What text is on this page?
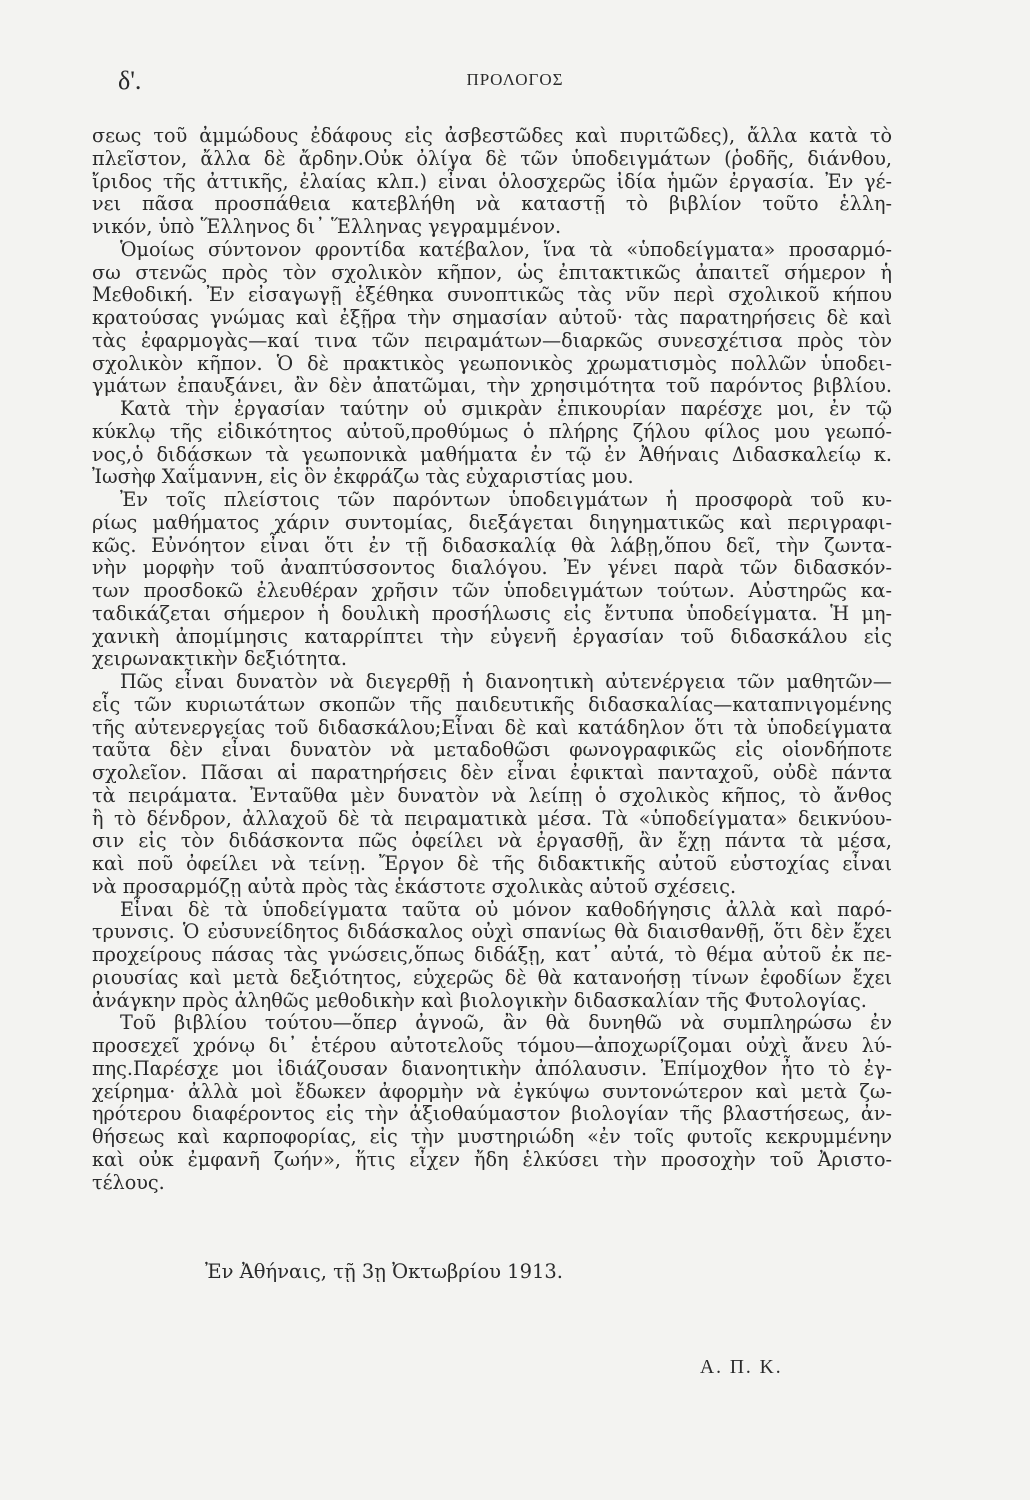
δ'.	ΠΡΟΛΟΓΟΣ
σεως τοῦ ἀμμώδους ἐδάφους εἰς ἀσβεστῶδες καὶ πυριτῶδες), ἄλλα κατὰ τὸ
πλεῖστον, ἄλλα δὲ ἄρδην.Οὐκ ὀλίγα δὲ τῶν ὑποδειγμάτων (ῥοδῆς, διάνθου,
ἴριδος τῆς ἀττικῆς, ἐλαίας κλπ.) εἶναι ὁλοσχερῶς ἰδία ἡμῶν ἐργασία. Ἐν γέ-
νει πᾶσα προσπάθεια κατεβλήθη νὰ καταστῇ τὸ βιβλίον τοῦτο ἑλλη-
νικόν, ὑπὸ Ἕλληνος δι᾽ Ἕλληνας γεγραμμένον.
Ὁμοίως σύντονον φροντίδα κατέβαλον, ἵνα τὰ «ὑποδείγματα» προσαρμό-
σω στενῶς πρὸς τὸν σχολικὸν κῆπον, ὡς ἐπιτακτικῶς ἀπαιτεῖ σήμερον ἡ
Μεθοδική. Ἐν εἰσαγωγῇ ἐξέθηκα συνοπτικῶς τὰς νῦν περὶ σχολικοῦ κήπου
κρατούσας γνώμας καὶ ἐξῇρα τὴν σημασίαν αὐτοῦ· τὰς παρατηρήσεις δὲ καὶ
τὰς ἐφαρμογὰς—καί τινα τῶν πειραμάτων—διαρκῶς συνεσχέτισα πρὸς τὸν
σχολικὸν κῆπον. Ὁ δὲ πρακτικὸς γεωπονικὸς χρωματισμὸς πολλῶν ὑποδει-
γμάτων ἐπαυξάνει, ἂν δὲν ἀπατῶμαι, τὴν χρησιμότητα τοῦ παρόντος βιβλίου.
Κατὰ τὴν ἐργασίαν ταύτην οὐ σμικρὰν ἐπικουρίαν παρέσχε μοι, ἐν τῷ
κύκλῳ τῆς εἰδικότητος αὐτοῦ,προθύμως ὁ πλήρης ζήλου φίλος μου γεωπό-
νος,ὁ διδάσκων τὰ γεωπονικὰ μαθήματα ἐν τῷ ἐν Ἀθήναις Διδασκαλείῳ κ.
Ἰωσὴφ Χαΐμαννн, εἰς ὃν ἐκφράζω τὰς εὐχαριστίας μου.
Ἐν τοῖς πλείστοις τῶν παρόντων ὑποδειγμάτων ἡ προσφορὰ τοῦ κυ-
ρίως μαθήματος χάριν συντομίας, διεξάγεται διηγηματικῶς καὶ περιγραφι-
κῶς. Εὐνόητον εἶναι ὅτι ἐν τῇ διδασκαλίᾳ θὰ λάβῃ,ὅπου δεῖ, τὴν ζωντα-
νὴν μορφὴν τοῦ ἀναπτύσσοντος διαλόγου. Ἐν γένει παρὰ τῶν διδασκόν-
των προσδοκῶ ἐλευθέραν χρῆσιν τῶν ὑποδειγμάτων τούτων. Αὐστηρῶς κα-
ταδικάζεται σήμερον ἡ δουλικὴ προσήλωσις εἰς ἔντυπα ὑποδείγματα. Ἡ μη-
χανικὴ ἀπομίμησις καταρρίπτει τὴν εὐγενῆ ἐργασίαν τοῦ διδασκάλου εἰς
χειρωνακτικὴν δεξιότητα.
Πῶς εἶναι δυνατὸν νὰ διεγερθῇ ἡ διανοητικὴ αὐτενέργεια τῶν μαθητῶν—
εἷς τῶν κυριωτάτων σκοπῶν τῆς παιδευτικῆς διδασκαλίας—καταπνιγομένης
τῆς αὐτενεργείας τοῦ διδασκάλου;Εἶναι δὲ καὶ κατάδηλον ὅτι τὰ ὑποδείγματα
ταῦτα δὲν εἶναι δυνατὸν νὰ μεταδοθῶσι φωνογραφικῶς εἰς οἱονδήποτε
σχολεῖον. Πᾶσαι αἱ παρατηρήσεις δὲν εἶναι ἐφικταὶ πανταχοῦ, οὐδὲ πάντα
τὰ πειράματα. Ἐνταῦθα μὲν δυνατὸν νὰ λείπῃ ὁ σχολικὸς κῆπος, τὸ ἄνθος
ἢ τὸ δένδρον, ἀλλαχοῦ δὲ τὰ πειραματικὰ μέσα. Τὰ «ὑποδείγματα» δεικνύου-
σιν εἰς τὸν διδάσκοντα πῶς ὀφείλει νὰ ἐργασθῇ, ἂν ἔχῃ πάντα τὰ μέσα,
καὶ ποῦ ὀφείλει νὰ τείνῃ. Ἔργον δὲ τῆς διδακτικῆς αὐτοῦ εὐστοχίας εἶναι
νὰ προσαρμόζῃ αὐτὰ πρὸς τὰς ἑκάστοτε σχολικὰς αὐτοῦ σχέσεις.
Εἶναι δὲ τὰ ὑποδείγματα ταῦτα οὐ μόνον καθοδήγησις ἀλλὰ καὶ παρό-
τρυνσις. Ὁ εὐσυνείδητος διδάσκαλος οὐχὶ σπανίως θὰ διαισθανθῇ, ὅτι δὲν ἔχει
προχείρους πάσας τὰς γνώσεις,ὅπως διδάξῃ, κατ᾽ αὐτά, τὸ θέμα αὐτοῦ ἐκ πε-
ριουσίας καὶ μετὰ δεξιότητος, εὐχερῶς δὲ θὰ κατανοήσῃ τίνων ἐφοδίων ἔχει
ἀνάγκην πρὸς ἀληθῶς μεθοδικὴν καὶ βιολογικὴν διδασκαλίαν τῆς Φυτολογίας.
Τοῦ βιβλίου τούτου—ὅπερ ἀγνοῶ, ἂν θὰ δυνηθῶ νὰ συμπληρώσω ἐν
προσεχεῖ χρόνῳ δι᾽ ἑτέρου αὐτοτελοῦς τόμου—ἀποχωρίζομαι οὐχὶ ἄνευ λύ-
πης.Παρέσχε μοι ἰδιάζουσαν διανοητικὴν ἀπόλαυσιν. Ἐπίμοχθον ἦτο τὸ ἐγ-
χείρημα· ἀλλὰ μοὶ ἔδωκεν ἀφορμὴν νὰ ἐγκύψω συντονώτερον καὶ μετὰ ζω-
ηρότερου διαφέροντος εἰς τὴν ἀξιοθαύμαστον βιολογίαν τῆς βλαστήσεως, ἀν-
θήσεως καὶ καρποφορίας, εἰς τὴν μυστηριώδη «ἐν τοῖς φυτοῖς κεκρυμμένην
καὶ οὐκ ἐμφανῆ ζωήν», ἥτις εἶχεν ἤδη ἑλκύσει τὴν προσοχὴν τοῦ Ἀριστο-
τέλους.
Ἐν Ἀθήναις, τῇ 3ῃ Ὀκτωβρίου 1913.
Α. Π. Κ.
